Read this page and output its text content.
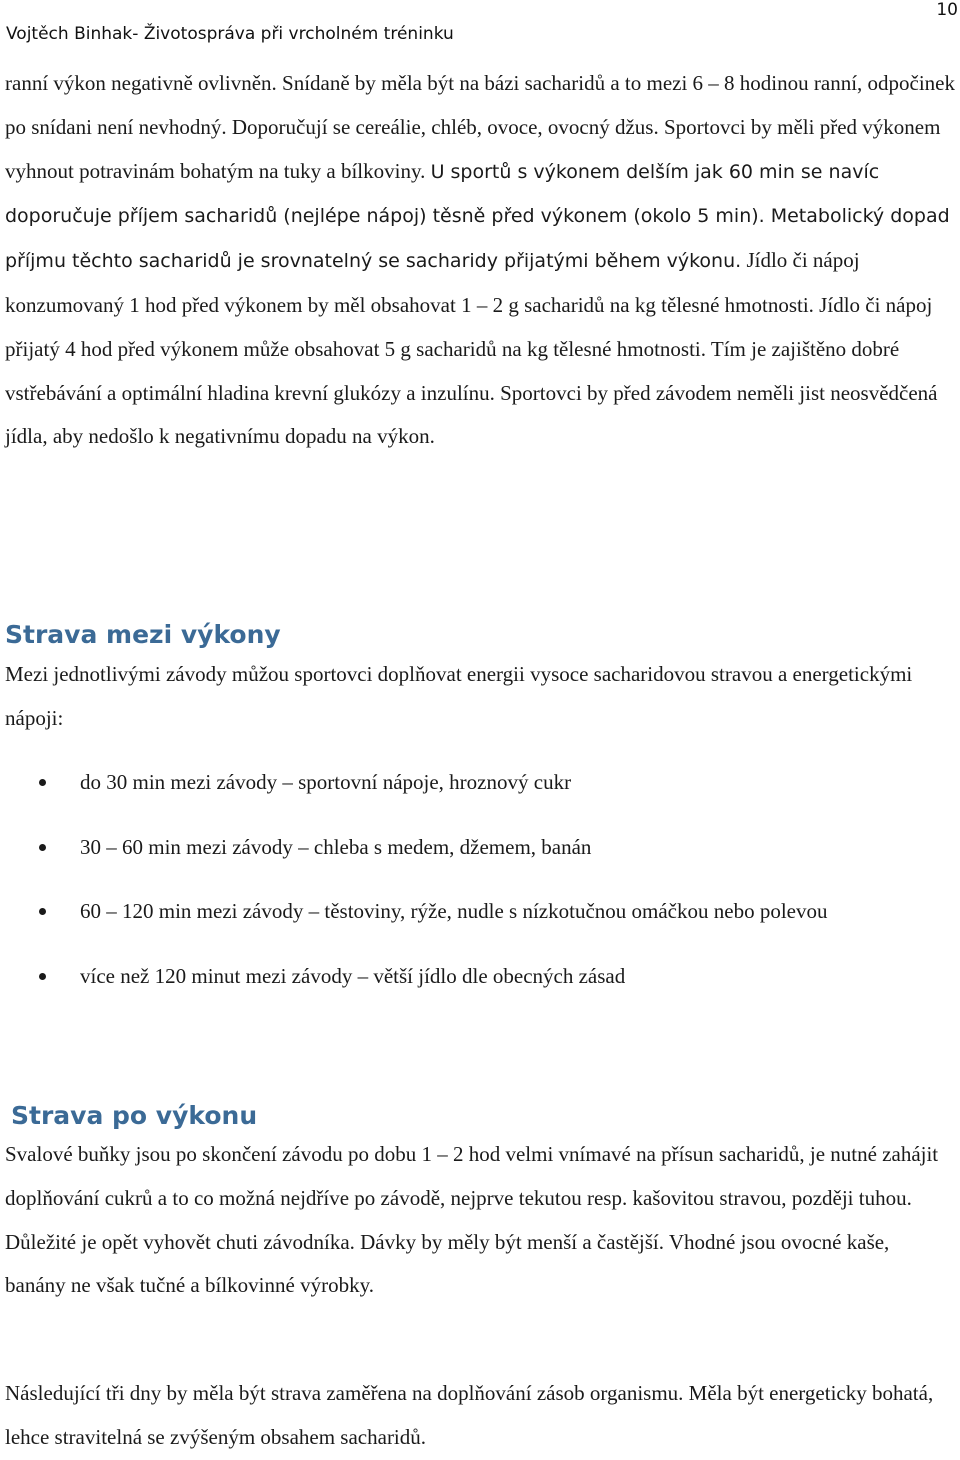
Vojtěch Binhak- Životospráva při vrcholném tréninku
10
ranní výkon negativně ovlivněn. Snídaně by měla být na bázi sacharidů a to mezi 6 – 8 hodinou ranní, odpočinek po snídani není nevhodný. Doporučují se cereálie, chléb, ovoce, ovocný džus. Sportovci by měli před výkonem vyhnout potravinám bohatým na tuky a bílkoviny. U sportů s výkonem delším jak 60 min se navíc doporučuje příjem sacharidů (nejlépe nápoj) těsně před výkonem (okolo 5 min). Metabolický dopad příjmu těchto sacharidů je srovnatelný se sacharidy přijatými během výkonu. Jídlo či nápoj konzumovaný 1 hod před výkonem by měl obsahovat 1 – 2 g sacharidů na kg tělesné hmotnosti. Jídlo či nápoj přijatý 4 hod před výkonem může obsahovat 5 g sacharidů na kg tělesné hmotnosti. Tím je zajištěno dobré vstřebávání a optimální hladina krevní glukózy a inzulínu. Sportovci by před závodem neměli jist neosvědčená jídla, aby nedošlo k negativnímu dopadu na výkon.
Strava mezi výkony
Mezi jednotlivými závody můžou sportovci doplňovat energii vysoce sacharidovou stravou a energetickými nápoji:
do 30 min mezi závody – sportovní nápoje, hroznový cukr
30 – 60 min mezi závody – chleba s medem, džemem, banán
60 – 120 min mezi závody – těstoviny, rýže, nudle s nízkotučnou omáčkou nebo polevou
více než 120 minut mezi závody – větší jídlo dle obecných zásad
Strava po výkonu
Svalové buňky jsou po skončení závodu po dobu 1 – 2 hod velmi vnímavé na přísun sacharidů, je nutné zahájit doplňování cukrů a to co možná nejdříve po závodě, nejprve tekutou resp. kašovitou stravou, později tuhou. Důležité je opět vyhovět chuti závodníka. Dávky by měly být menší a častější. Vhodné jsou ovocné kaše, banány ne však tučné a bílkovinné výrobky.
Následující tři dny by měla být strava zaměřena na doplňování zásob organismu. Měla být energeticky bohatá, lehce stravitelná se zvýšeným obsahem sacharidů.
